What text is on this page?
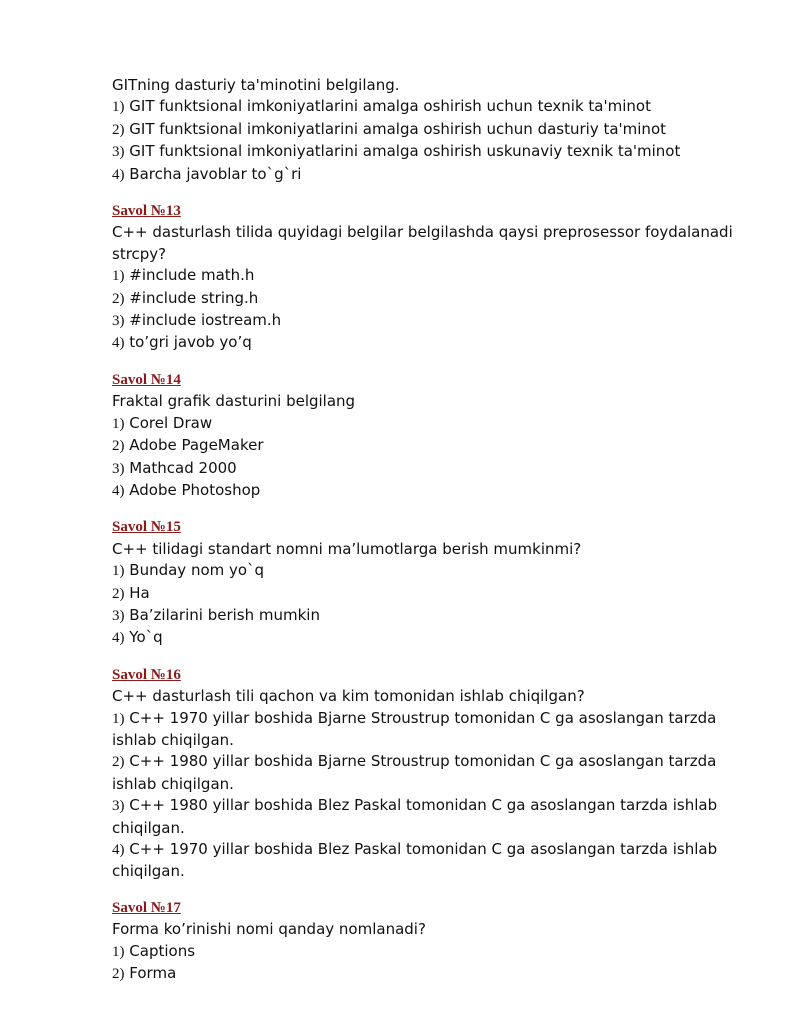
GITning dasturiy ta'minotini belgilang.

1) GIT funktsional imkoniyatlarini amalga oshirish uchun texnik ta'minot

2) GIT funktsional imkoniyatlarini amalga oshirish uchun dasturiy ta'minot

3) GIT funktsional imkoniyatlarini amalga oshirish uskunaviy texnik ta'minot

4) Barcha javoblar to`g`ri

Savol №13

C++ dasturlash tilida quyidagi belgilar belgilashda qaysi preprosessor foydalanadi strcpy?

1) #include math.h

2) #include string.h

3) #include iostream.h

4) to’gri javob yo’q

Savol №14

Fraktal grafik dasturini belgilang

1) Corel Draw

2) Adobe PageMaker

3) Mathcad 2000

4) Adobe Photoshop

Savol №15

C++ tilidagi standart nomni ma’lumotlarga berish mumkinmi?

1) Bunday nom yo`q

2) Ha

3) Ba’zilarini berish mumkin

4) Yo`q

Savol №16

C++ dasturlash tili qachon va kim tomonidan ishlab chiqilgan?

1) C++ 1970 yillar boshida Bjarne Stroustrup tomonidan C ga asoslangan tarzda ishlab chiqilgan.

2) C++ 1980 yillar boshida Bjarne Stroustrup tomonidan C ga asoslangan tarzda ishlab chiqilgan.

3) C++ 1980 yillar boshida Blez Paskal tomonidan C ga asoslangan tarzda ishlab chiqilgan.

4) C++ 1970 yillar boshida Blez Paskal tomonidan C ga asoslangan tarzda ishlab chiqilgan.

Savol №17

Forma ko’rinishi nomi qanday nomlanadi?

1) Captions

2) Forma
